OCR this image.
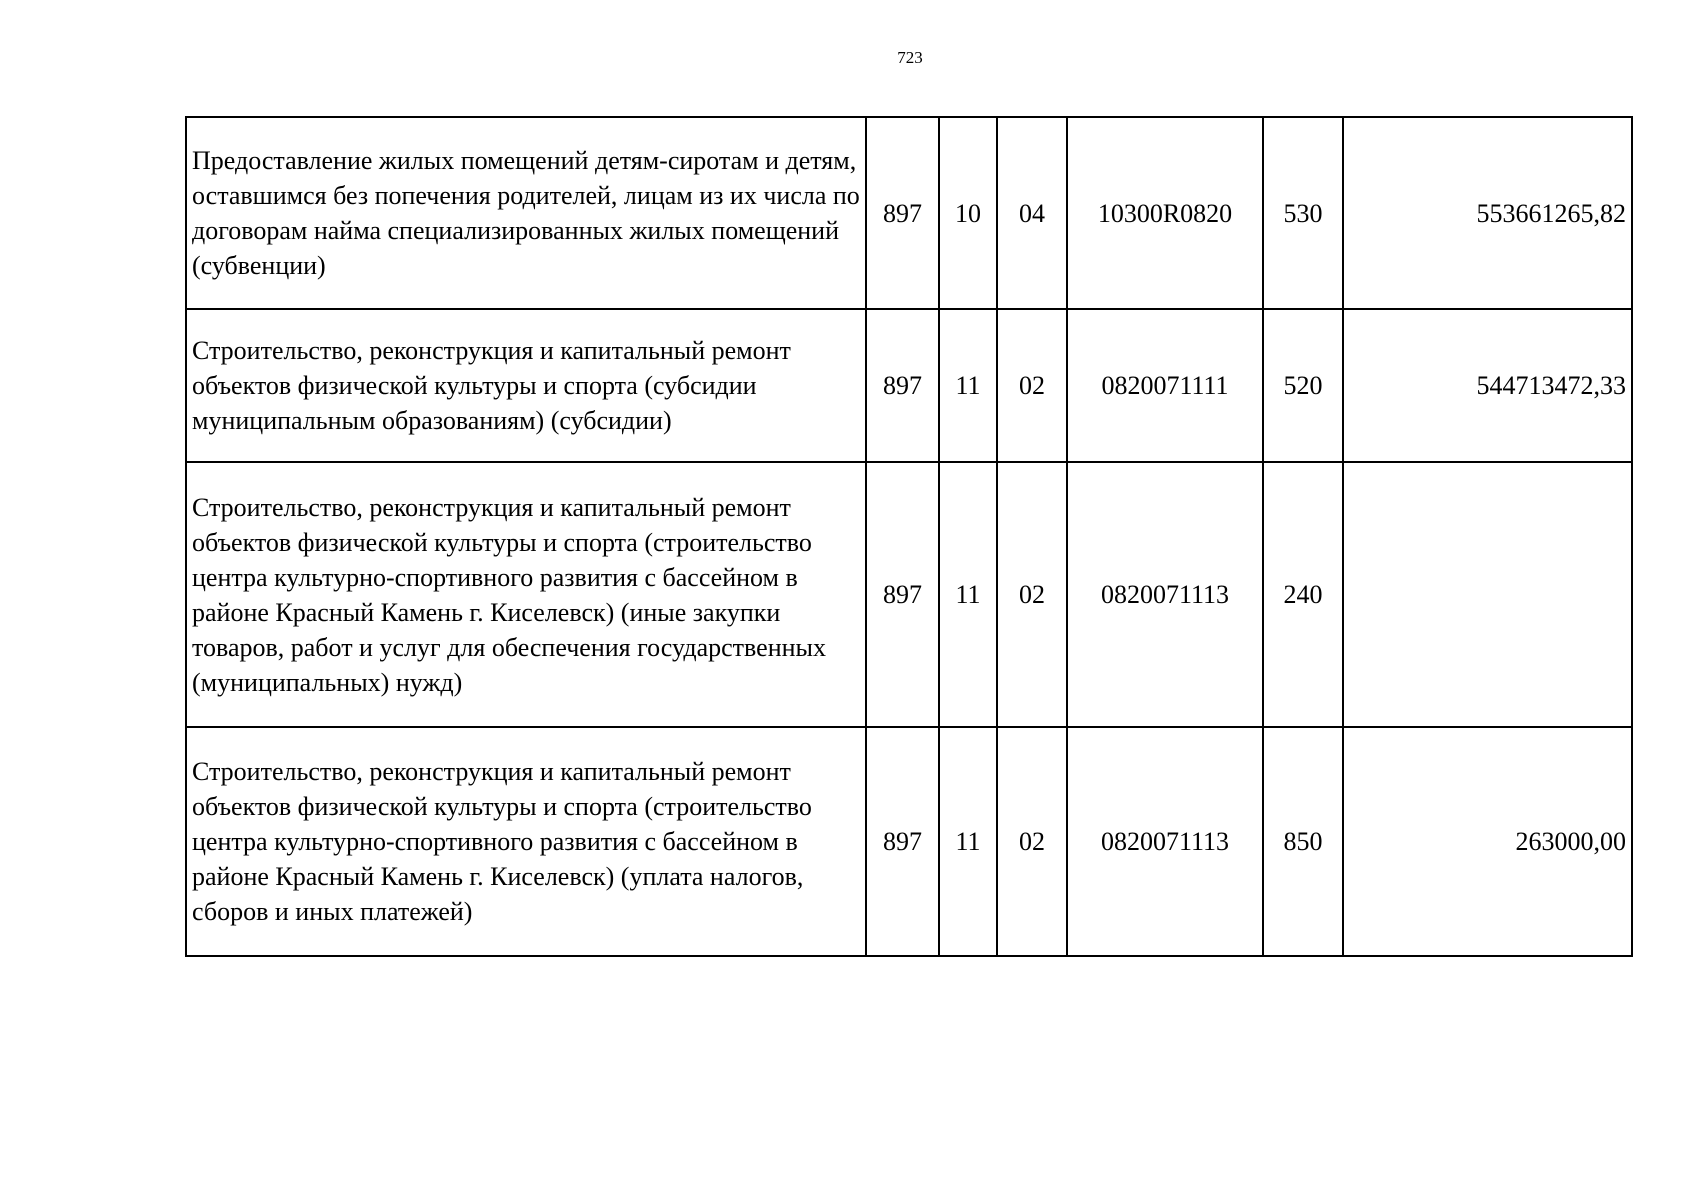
723
Предоставление жилых помещений детям-сиротам и детям, оставшимся без попечения родителей, лицам из их числа по договорам найма специализированных жилых помещений (субвенции)	897	10	04	10300R0820	530	553661265,82
Строительство, реконструкция и капитальный ремонт объектов физической культуры и спорта (субсидии муниципальным образованиям) (субсидии)	897	11	02	0820071111	520	544713472,33
Строительство, реконструкция и капитальный ремонт объектов физической культуры и спорта (строительство центра культурно-спортивного развития с бассейном в районе Красный Камень г. Киселевск) (иные закупки товаров, работ и услуг для обеспечения государственных (муниципальных) нужд)	897	11	02	0820071113	240	
Строительство, реконструкция и капитальный ремонт объектов физической культуры и спорта (строительство центра культурно-спортивного развития с бассейном в районе Красный Камень г. Киселевск) (уплата налогов, сборов и иных платежей)	897	11	02	0820071113	850	263000,00
